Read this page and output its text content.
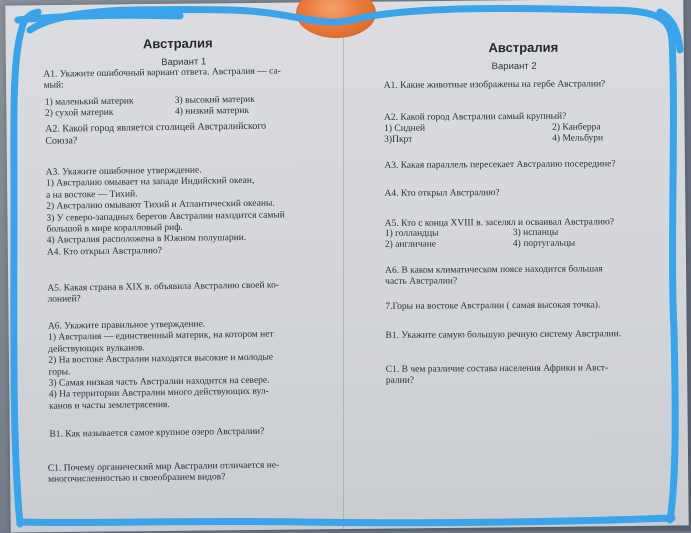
Австралия
Вариант 1
А1. Укажите ошибочный вариант ответа. Австралия — са-
мый:
1) маленький материк	3) высокий материк
2) сухой материк	4) низкий материк
А2. Какой город является столицей Австралийского
Союза?
А3. Укажите ошибочное утверждение.
1) Австралию омывает на западе Индийский океан,
а на востоке — Тихий.
2) Австралию омывают Тихий и Атлантический океаны.
3) У северо-западных берегов Австралии находится самый
большой в мире коралловый риф.
4) Австралия расположена в Южном полушарии.
А4. Кто открыл Австралию?
А5. Какая страна в XIX в. объявила Австралию своей ко-
лонией?
А6. Укажите правильное утверждение.
1) Австралия — единственный материк, на котором нет
действующих вулканов.
2) На востоке Австралии находятся высокие и молодые
горы.
3) Самая низкая часть Австралии находится на севере.
4) На территории Австралии много действующих вул-
канов и часты землетрясения.
В1. Как называется самое крупное озеро Австралии?
С1. Почему органический мир Австралии отличается не-
многочисленностью и своеобразием видов?
Австралия
Вариант 2
А1. Какие животные изображены на гербе Австралии?
А2. Какой город Австралии самый крупный?
1) Сидней	2) Канберра
3)Пкрт	4) Мельбурн
А3. Какая параллель пересекает Австралию посередине?
А4. Кто открыл Австралию?
А5. Кто с конца XVIII в. заселял и осваивал Австралию?
1) голландцы	3) испанцы
2) англичане	4) португальцы
А6. В каком климатическом поясе находится большая
часть Австралии?
7.Горы на востоке Австралии ( самая высокая точка).
В1. Укажите самую большую речную систему Австралии.
С1. В чем различие состава населения Африки и Авст-
ралии?
